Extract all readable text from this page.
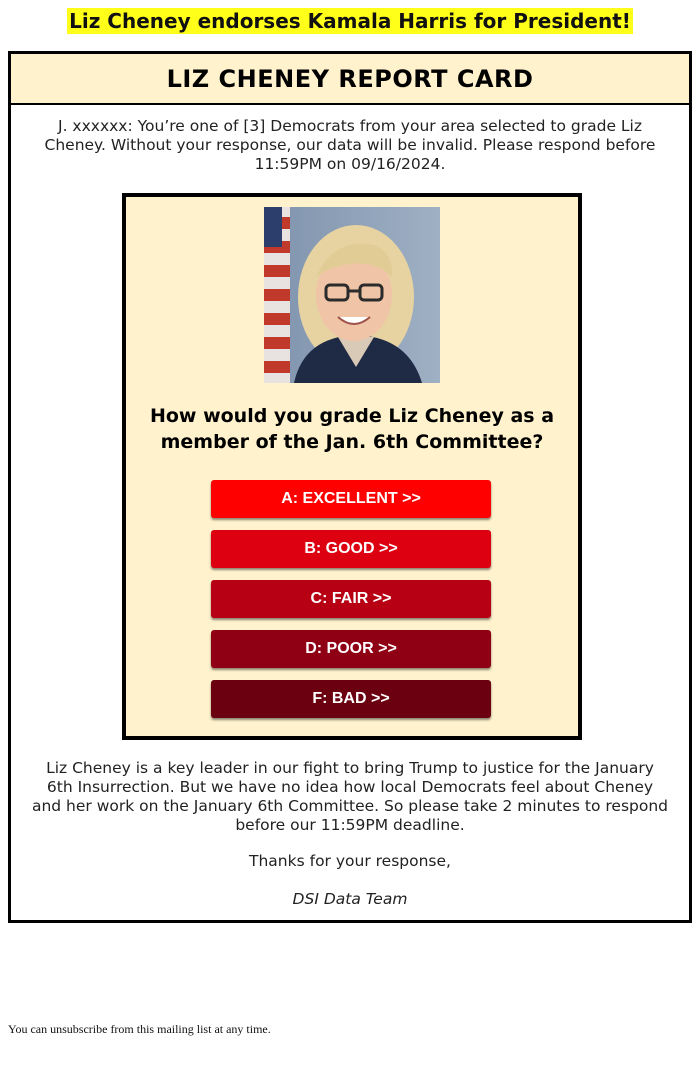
Liz Cheney endorses Kamala Harris for President!
LIZ CHENEY REPORT CARD
J. xxxxxx: You’re one of [3] Democrats from your area selected to grade Liz Cheney. Without your response, our data will be invalid. Please respond before 11:59PM on 09/16/2024.
How would you grade Liz Cheney as a member of the Jan. 6th Committee?
A: EXCELLENT >>
B: GOOD >>
C: FAIR >>
D: POOR >>
F: BAD >>
Liz Cheney is a key leader in our fight to bring Trump to justice for the January 6th Insurrection. But we have no idea how local Democrats feel about Cheney and her work on the January 6th Committee. So please take 2 minutes to respond before our 11:59PM deadline.
Thanks for your response,
DSI Data Team
You can unsubscribe from this mailing list at any time.
